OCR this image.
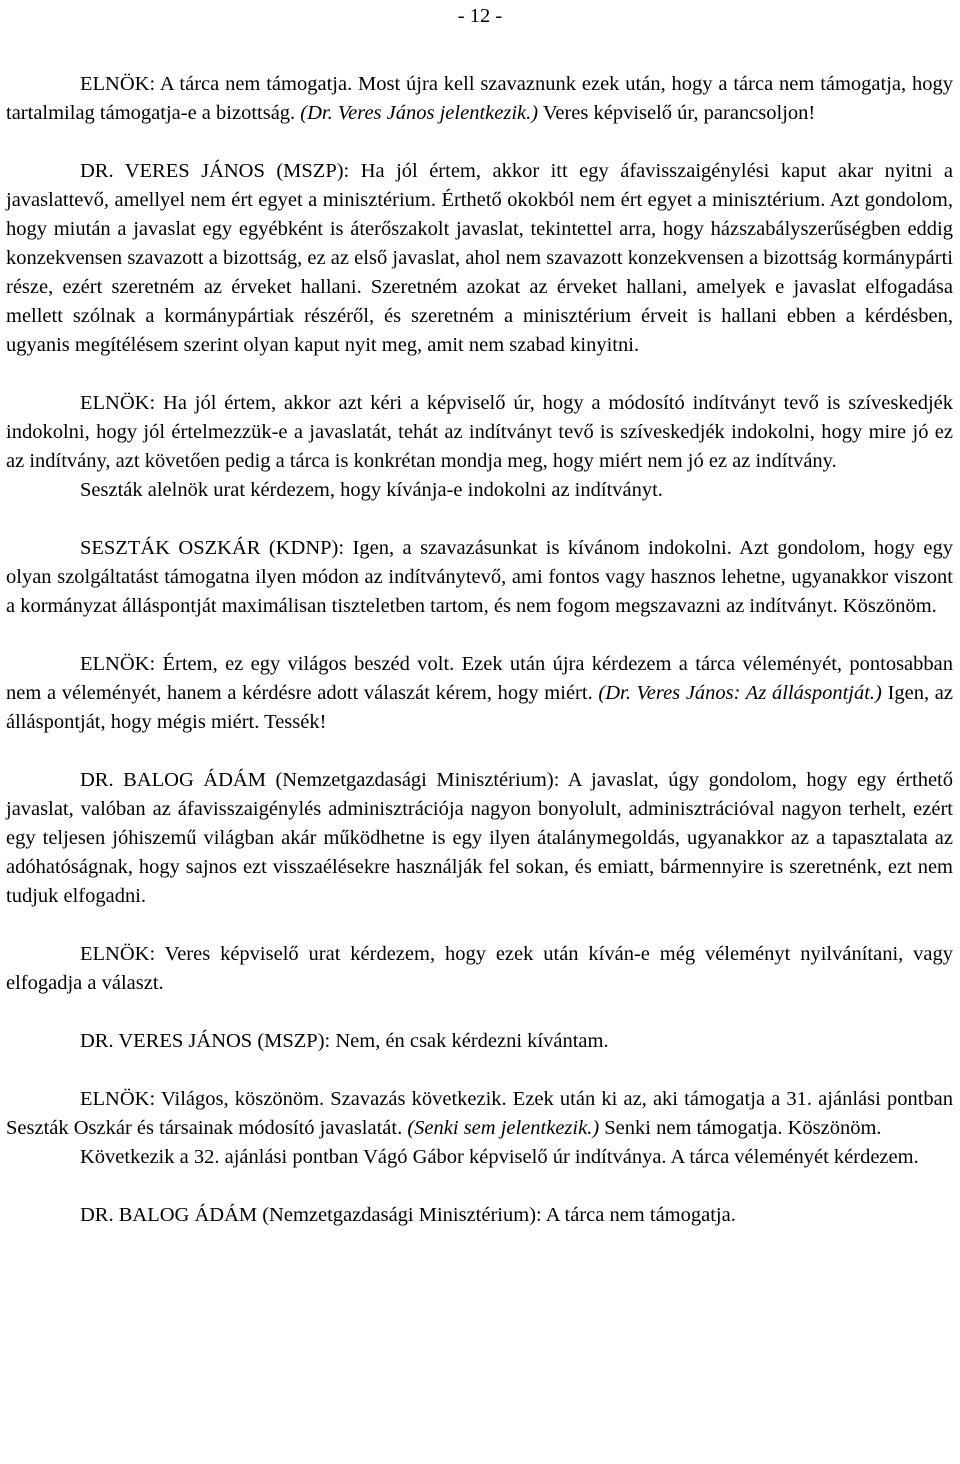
- 12 -

ELNÖK: A tárca nem támogatja. Most újra kell szavaznunk ezek után, hogy a tárca nem támogatja, hogy tartalmilag támogatja-e a bizottság. (Dr. Veres János jelentkezik.) Veres képviselő úr, parancsoljon!

DR. VERES JÁNOS (MSZP): Ha jól értem, akkor itt egy áfavisszaigénylési kaput akar nyitni a javaslattevő, amellyel nem ért egyet a minisztérium. Érthető okokból nem ért egyet a minisztérium. Azt gondolom, hogy miután a javaslat egy egyébként is áterőszakolt javaslat, tekintettel arra, hogy házszabályszerűségben eddig konzekvensen szavazott a bizottság, ez az első javaslat, ahol nem szavazott konzekvensen a bizottság kormánypárti része, ezért szeretném az érveket hallani. Szeretném azokat az érveket hallani, amelyek e javaslat elfogadása mellett szólnak a kormánypártiak részéről, és szeretném a minisztérium érveit is hallani ebben a kérdésben, ugyanis megítélésem szerint olyan kaput nyit meg, amit nem szabad kinyitni.

ELNÖK: Ha jól értem, akkor azt kéri a képviselő úr, hogy a módosító indítványt tevő is szíveskedjék indokolni, hogy jól értelmezzük-e a javaslatát, tehát az indítványt tevő is szíveskedjék indokolni, hogy mire jó ez az indítvány, azt követően pedig a tárca is konkrétan mondja meg, hogy miért nem jó ez az indítvány.

Seszták alelnök urat kérdezem, hogy kívánja-e indokolni az indítványt.

SESZTÁK OSZKÁR (KDNP): Igen, a szavazásunkat is kívánom indokolni. Azt gondolom, hogy egy olyan szolgáltatást támogatna ilyen módon az indítványtevő, ami fontos vagy hasznos lehetne, ugyanakkor viszont a kormányzat álláspontját maximálisan tiszteletben tartom, és nem fogom megszavazni az indítványt. Köszönöm.

ELNÖK: Értem, ez egy világos beszéd volt. Ezek után újra kérdezem a tárca véleményét, pontosabban nem a véleményét, hanem a kérdésre adott válaszát kérem, hogy miért. (Dr. Veres János: Az álláspontját.) Igen, az álláspontját, hogy mégis miért. Tessék!

DR. BALOG ÁDÁM (Nemzetgazdasági Minisztérium): A javaslat, úgy gondolom, hogy egy érthető javaslat, valóban az áfavisszaigénylés adminisztrációja nagyon bonyolult, adminisztrációval nagyon terhelt, ezért egy teljesen jóhiszemű világban akár működhetne is egy ilyen átalánymegoldás, ugyanakkor az a tapasztalata az adóhatóságnak, hogy sajnos ezt visszaélésekre használják fel sokan, és emiatt, bármennyire is szeretnénk, ezt nem tudjuk elfogadni.

ELNÖK: Veres képviselő urat kérdezem, hogy ezek után kíván-e még véleményt nyilvánítani, vagy elfogadja a választ.

DR. VERES JÁNOS (MSZP): Nem, én csak kérdezni kívántam.

ELNÖK: Világos, köszönöm. Szavazás következik. Ezek után ki az, aki támogatja a 31. ajánlási pontban Seszták Oszkár és társainak módosító javaslatát. (Senki sem jelentkezik.) Senki nem támogatja. Köszönöm.

Következik a 32. ajánlási pontban Vágó Gábor képviselő úr indítványa. A tárca véleményét kérdezem.

DR. BALOG ÁDÁM (Nemzetgazdasági Minisztérium): A tárca nem támogatja.
